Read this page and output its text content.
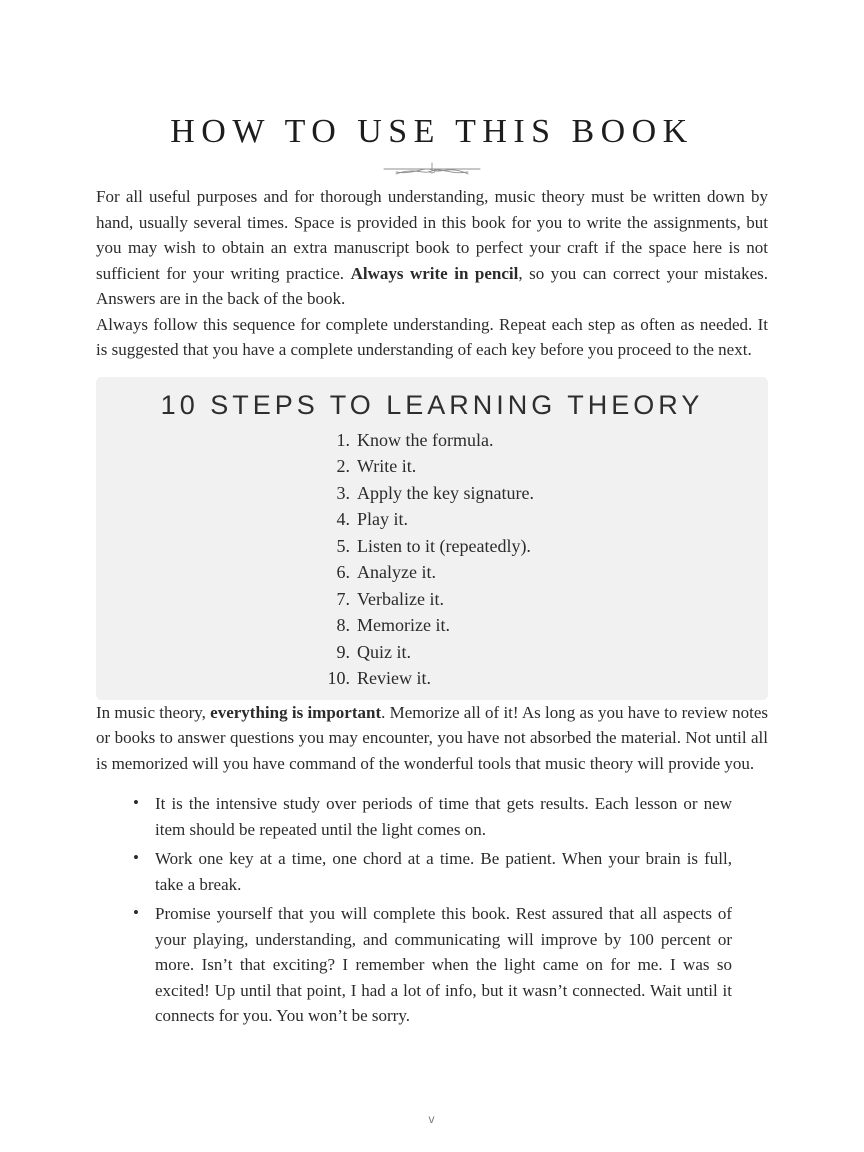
HOW TO USE THIS BOOK

For all useful purposes and for thorough understanding, music theory must be written down by hand, usually several times. Space is provided in this book for you to write the assignments, but you may wish to obtain an extra manuscript book to perfect your craft if the space here is not sufficient for your writing practice. Always write in pencil, so you can correct your mistakes. Answers are in the back of the book.

Always follow this sequence for complete understanding. Repeat each step as often as needed. It is suggested that you have a complete understanding of each key before you proceed to the next.

10 STEPS TO LEARNING THEORY
1. Know the formula.
2. Write it.
3. Apply the key signature.
4. Play it.
5. Listen to it (repeatedly).
6. Analyze it.
7. Verbalize it.
8. Memorize it.
9. Quiz it.
10. Review it.

In music theory, everything is important. Memorize all of it! As long as you have to review notes or books to answer questions you may encounter, you have not absorbed the material. Not until all is memorized will you have command of the wonderful tools that music theory will provide you.

• It is the intensive study over periods of time that gets results. Each lesson or new item should be repeated until the light comes on.
• Work one key at a time, one chord at a time. Be patient. When your brain is full, take a break.
• Promise yourself that you will complete this book. Rest assured that all aspects of your playing, understanding, and communicating will improve by 100 percent or more. Isn’t that exciting? I remember when the light came on for me. I was so excited! Up until that point, I had a lot of info, but it wasn’t connected. Wait until it connects for you. You won’t be sorry.
v
